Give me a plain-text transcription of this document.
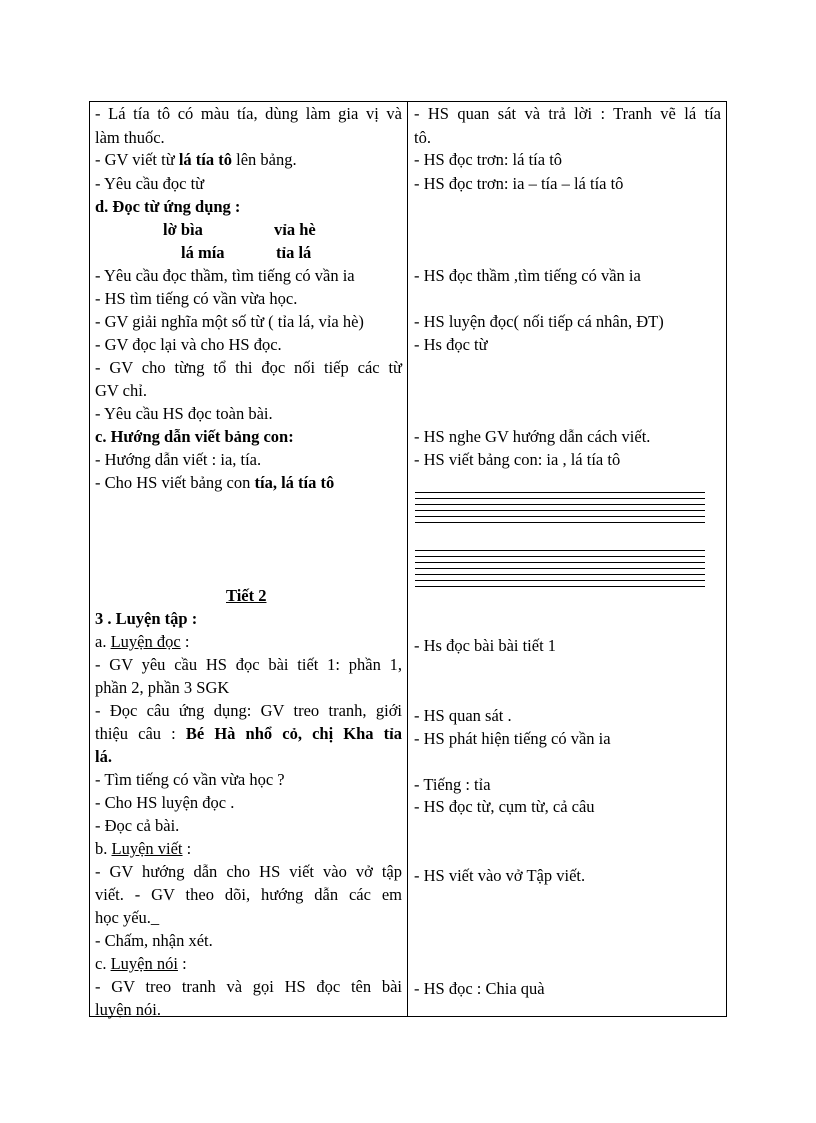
- Lá tía tô có màu tía, dùng làm gia vị và
làm thuốc.
- GV viết từ lá tía tô lên bảng.
- Yêu cầu đọc từ
d. Đọc từ ứng dụng :
lờ bìa	vỉa hè
lá mía	tỉa lá
- Yêu cầu đọc thầm, tìm tiếng có vần ia
- HS tìm tiếng có vần vừa học.
- GV giải nghĩa một số từ ( tỉa lá, vỉa hè)
- GV đọc lại và cho HS đọc.
- GV cho từng tổ thi đọc nối tiếp các từ
GV chỉ.
- Yêu cầu HS đọc toàn bài.
c. Hướng dẫn viết bảng con:
- Hướng dẫn viết : ia, tía.
- Cho HS viết bảng con tía, lá tía tô
Tiết 2
3 . Luyện tập :
a. Luyện đọc :
- GV yêu cầu HS đọc bài tiết 1: phần 1,
phần 2, phần 3 SGK
- Đọc câu ứng dụng: GV treo tranh, giới
thiệu câu : Bé Hà nhổ cỏ, chị Kha tỉa
lá.
- Tìm tiếng có vần vừa học ?
- Cho HS luyện đọc .
- Đọc cả bài.
b. Luyện viết :
- GV hướng dẫn cho HS viết vào vở tập
viết. - GV theo dõi, hướng dẫn các em
học yếu._
- Chấm, nhận xét.
c. Luyện nói :
- GV treo tranh và gọi HS đọc tên bài
luyện nói.
- HS quan sát và trả lời : Tranh vẽ lá tía
tô.
- HS đọc trơn: lá tía tô
- HS đọc trơn: ia – tía – lá tía tô
- HS đọc thầm ,tìm tiếng có vần ia
- HS luyện đọc( nối tiếp cá nhân, ĐT)
- Hs đọc từ
- HS nghe GV hướng dẫn cách viết.
- HS viết bảng con: ia , lá tía tô
- Hs đọc bài bài tiết 1
- HS quan sát .
- HS phát hiện tiếng có vần ia
- Tiếng : tỉa
- HS đọc từ, cụm từ, cả câu
- HS viết vào vở Tập viết.
- HS đọc : Chia quà
